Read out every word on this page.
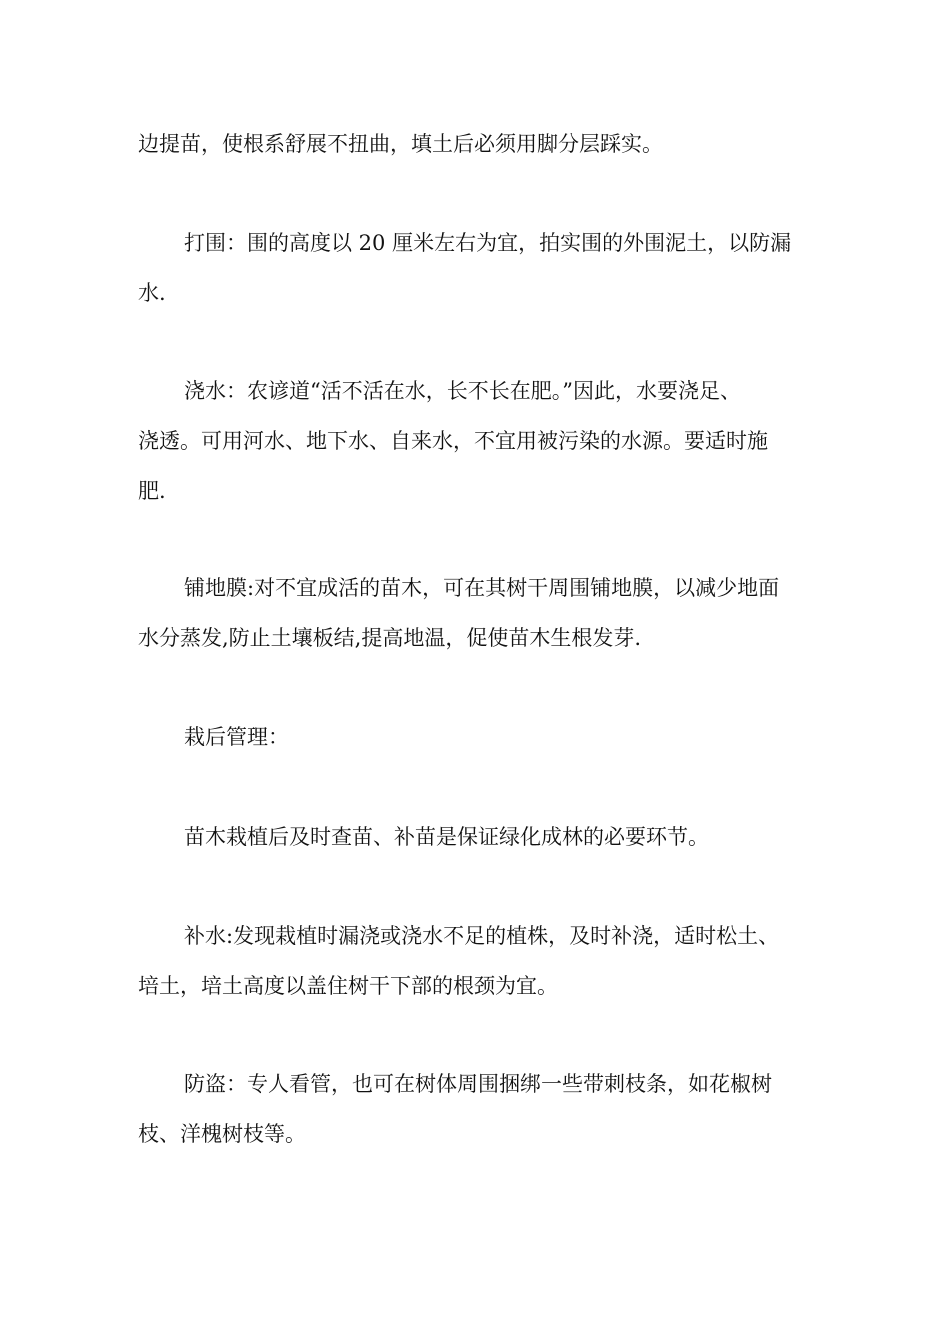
边提苗，使根系舒展不扭曲，填土后必须用脚分层踩实。

打围：围的高度以 20 厘米左右为宜，拍实围的外围泥土，以防漏
水.

浇水：农谚道“活不活在水，长不长在肥。”因此，水要浇足、
浇透。可用河水、地下水、自来水，不宜用被污染的水源。要适时施
肥.

铺地膜:对不宜成活的苗木，可在其树干周围铺地膜，以减少地面
水分蒸发,防止土壤板结,提高地温，促使苗木生根发芽.

栽后管理：

苗木栽植后及时查苗、补苗是保证绿化成林的必要环节。

补水:发现栽植时漏浇或浇水不足的植株，及时补浇，适时松土、
培土，培土高度以盖住树干下部的根颈为宜。

防盗：专人看管，也可在树体周围捆绑一些带刺枝条，如花椒树
枝、洋槐树枝等。
